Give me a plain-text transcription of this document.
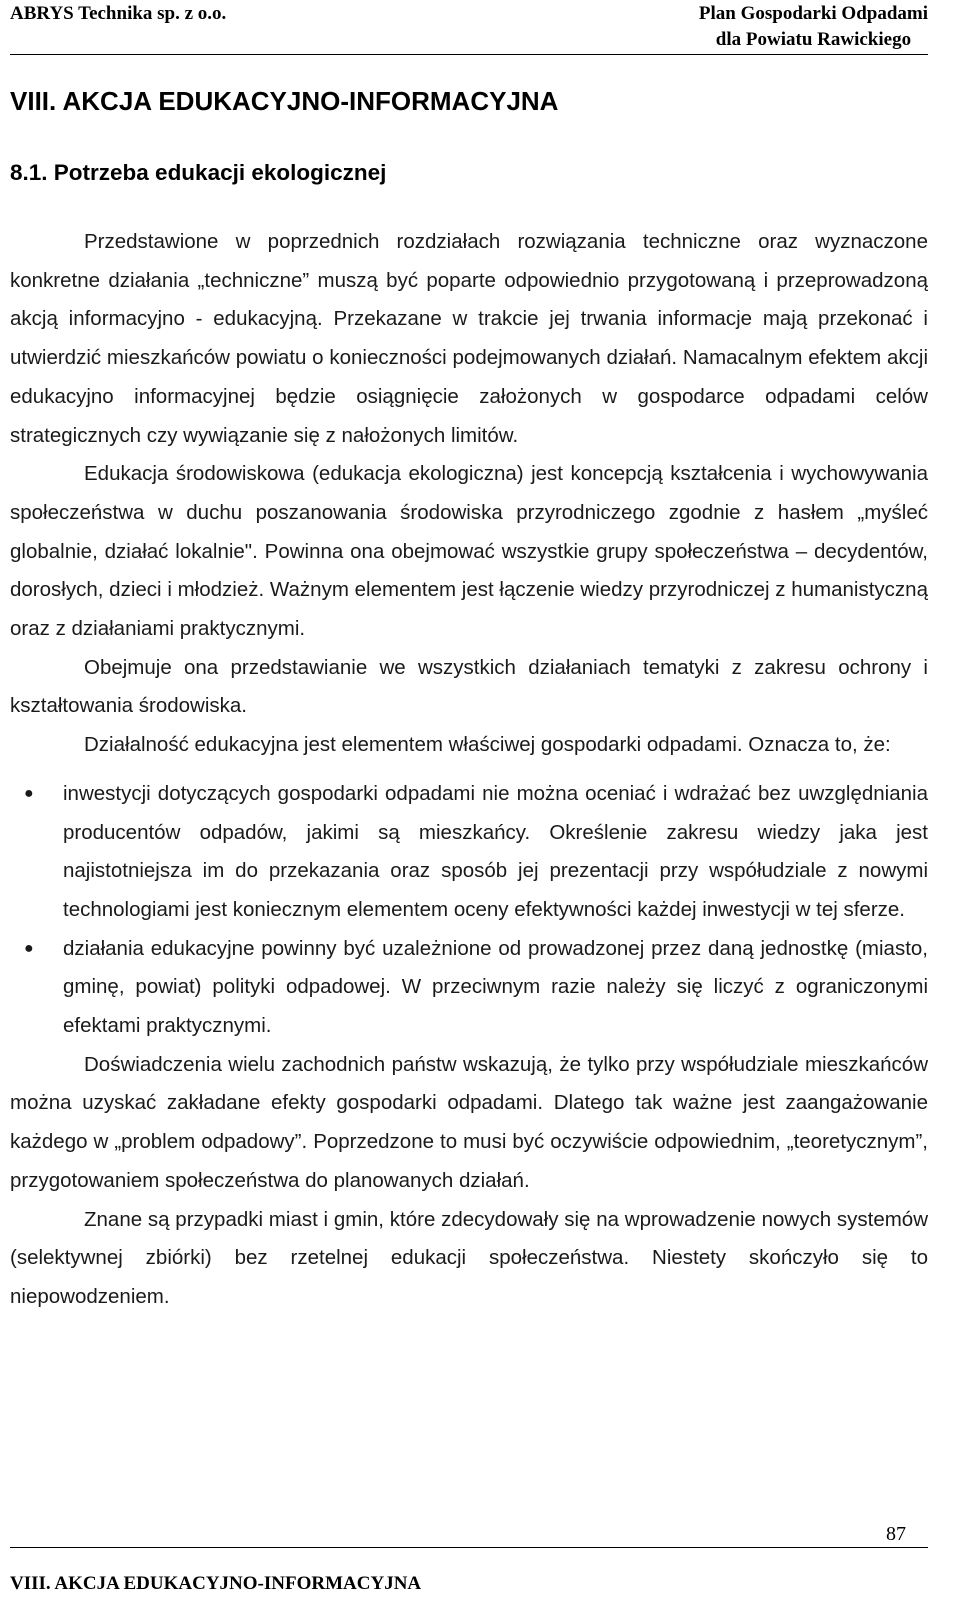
ABRYS Technika sp. z o.o.	Plan Gospodarki Odpadami
dla Powiatu Rawickiego
VIII. AKCJA EDUKACYJNO-INFORMACYJNA
8.1. Potrzeba edukacji ekologicznej

Przedstawione w poprzednich rozdziałach rozwiązania techniczne oraz wyznaczone konkretne działania „techniczne” muszą być poparte odpowiednio przygotowaną i przeprowadzoną akcją informacyjno - edukacyjną. Przekazane w trakcie jej trwania informacje mają przekonać i utwierdzić mieszkańców powiatu o konieczności podejmowanych działań. Namacalnym efektem akcji edukacyjno informacyjnej będzie osiągnięcie założonych w gospodarce odpadami celów strategicznych czy wywiązanie się z nałożonych limitów.

Edukacja środowiskowa (edukacja ekologiczna) jest koncepcją kształcenia i wychowywania społeczeństwa w duchu poszanowania środowiska przyrodniczego zgodnie z hasłem „myśleć globalnie, działać lokalnie". Powinna ona obejmować wszystkie grupy społeczeństwa – decydentów, dorosłych, dzieci i młodzież. Ważnym elementem jest łączenie wiedzy przyrodniczej z humanistyczną oraz z działaniami praktycznymi.

Obejmuje ona przedstawianie we wszystkich działaniach tematyki z zakresu ochrony i kształtowania środowiska.

Działalność edukacyjna jest elementem właściwej gospodarki odpadami. Oznacza to, że:

● inwestycji dotyczących gospodarki odpadami nie można oceniać i wdrażać bez uwzględniania producentów odpadów, jakimi są mieszkańcy. Określenie zakresu wiedzy jaka jest najistotniejsza im do przekazania oraz sposób jej prezentacji przy współudziale z nowymi technologiami jest koniecznym elementem oceny efektywności każdej inwestycji w tej sferze.
● działania edukacyjne powinny być uzależnione od prowadzonej przez daną jednostkę (miasto, gminę, powiat) polityki odpadowej. W przeciwnym razie należy się liczyć z ograniczonymi efektami praktycznymi.

Doświadczenia wielu zachodnich państw wskazują, że tylko przy współudziale mieszkańców można uzyskać zakładane efekty gospodarki odpadami. Dlatego tak ważne jest zaangażowanie każdego w „problem odpadowy”. Poprzedzone to musi być oczywiście odpowiednim, „teoretycznym”, przygotowaniem społeczeństwa do planowanych działań.

Znane są przypadki miast i gmin, które zdecydowały się na wprowadzenie nowych systemów (selektywnej zbiórki) bez rzetelnej edukacji społeczeństwa. Niestety skończyło się to niepowodzeniem.

87
VIII. AKCJA EDUKACYJNO-INFORMACYJNA
